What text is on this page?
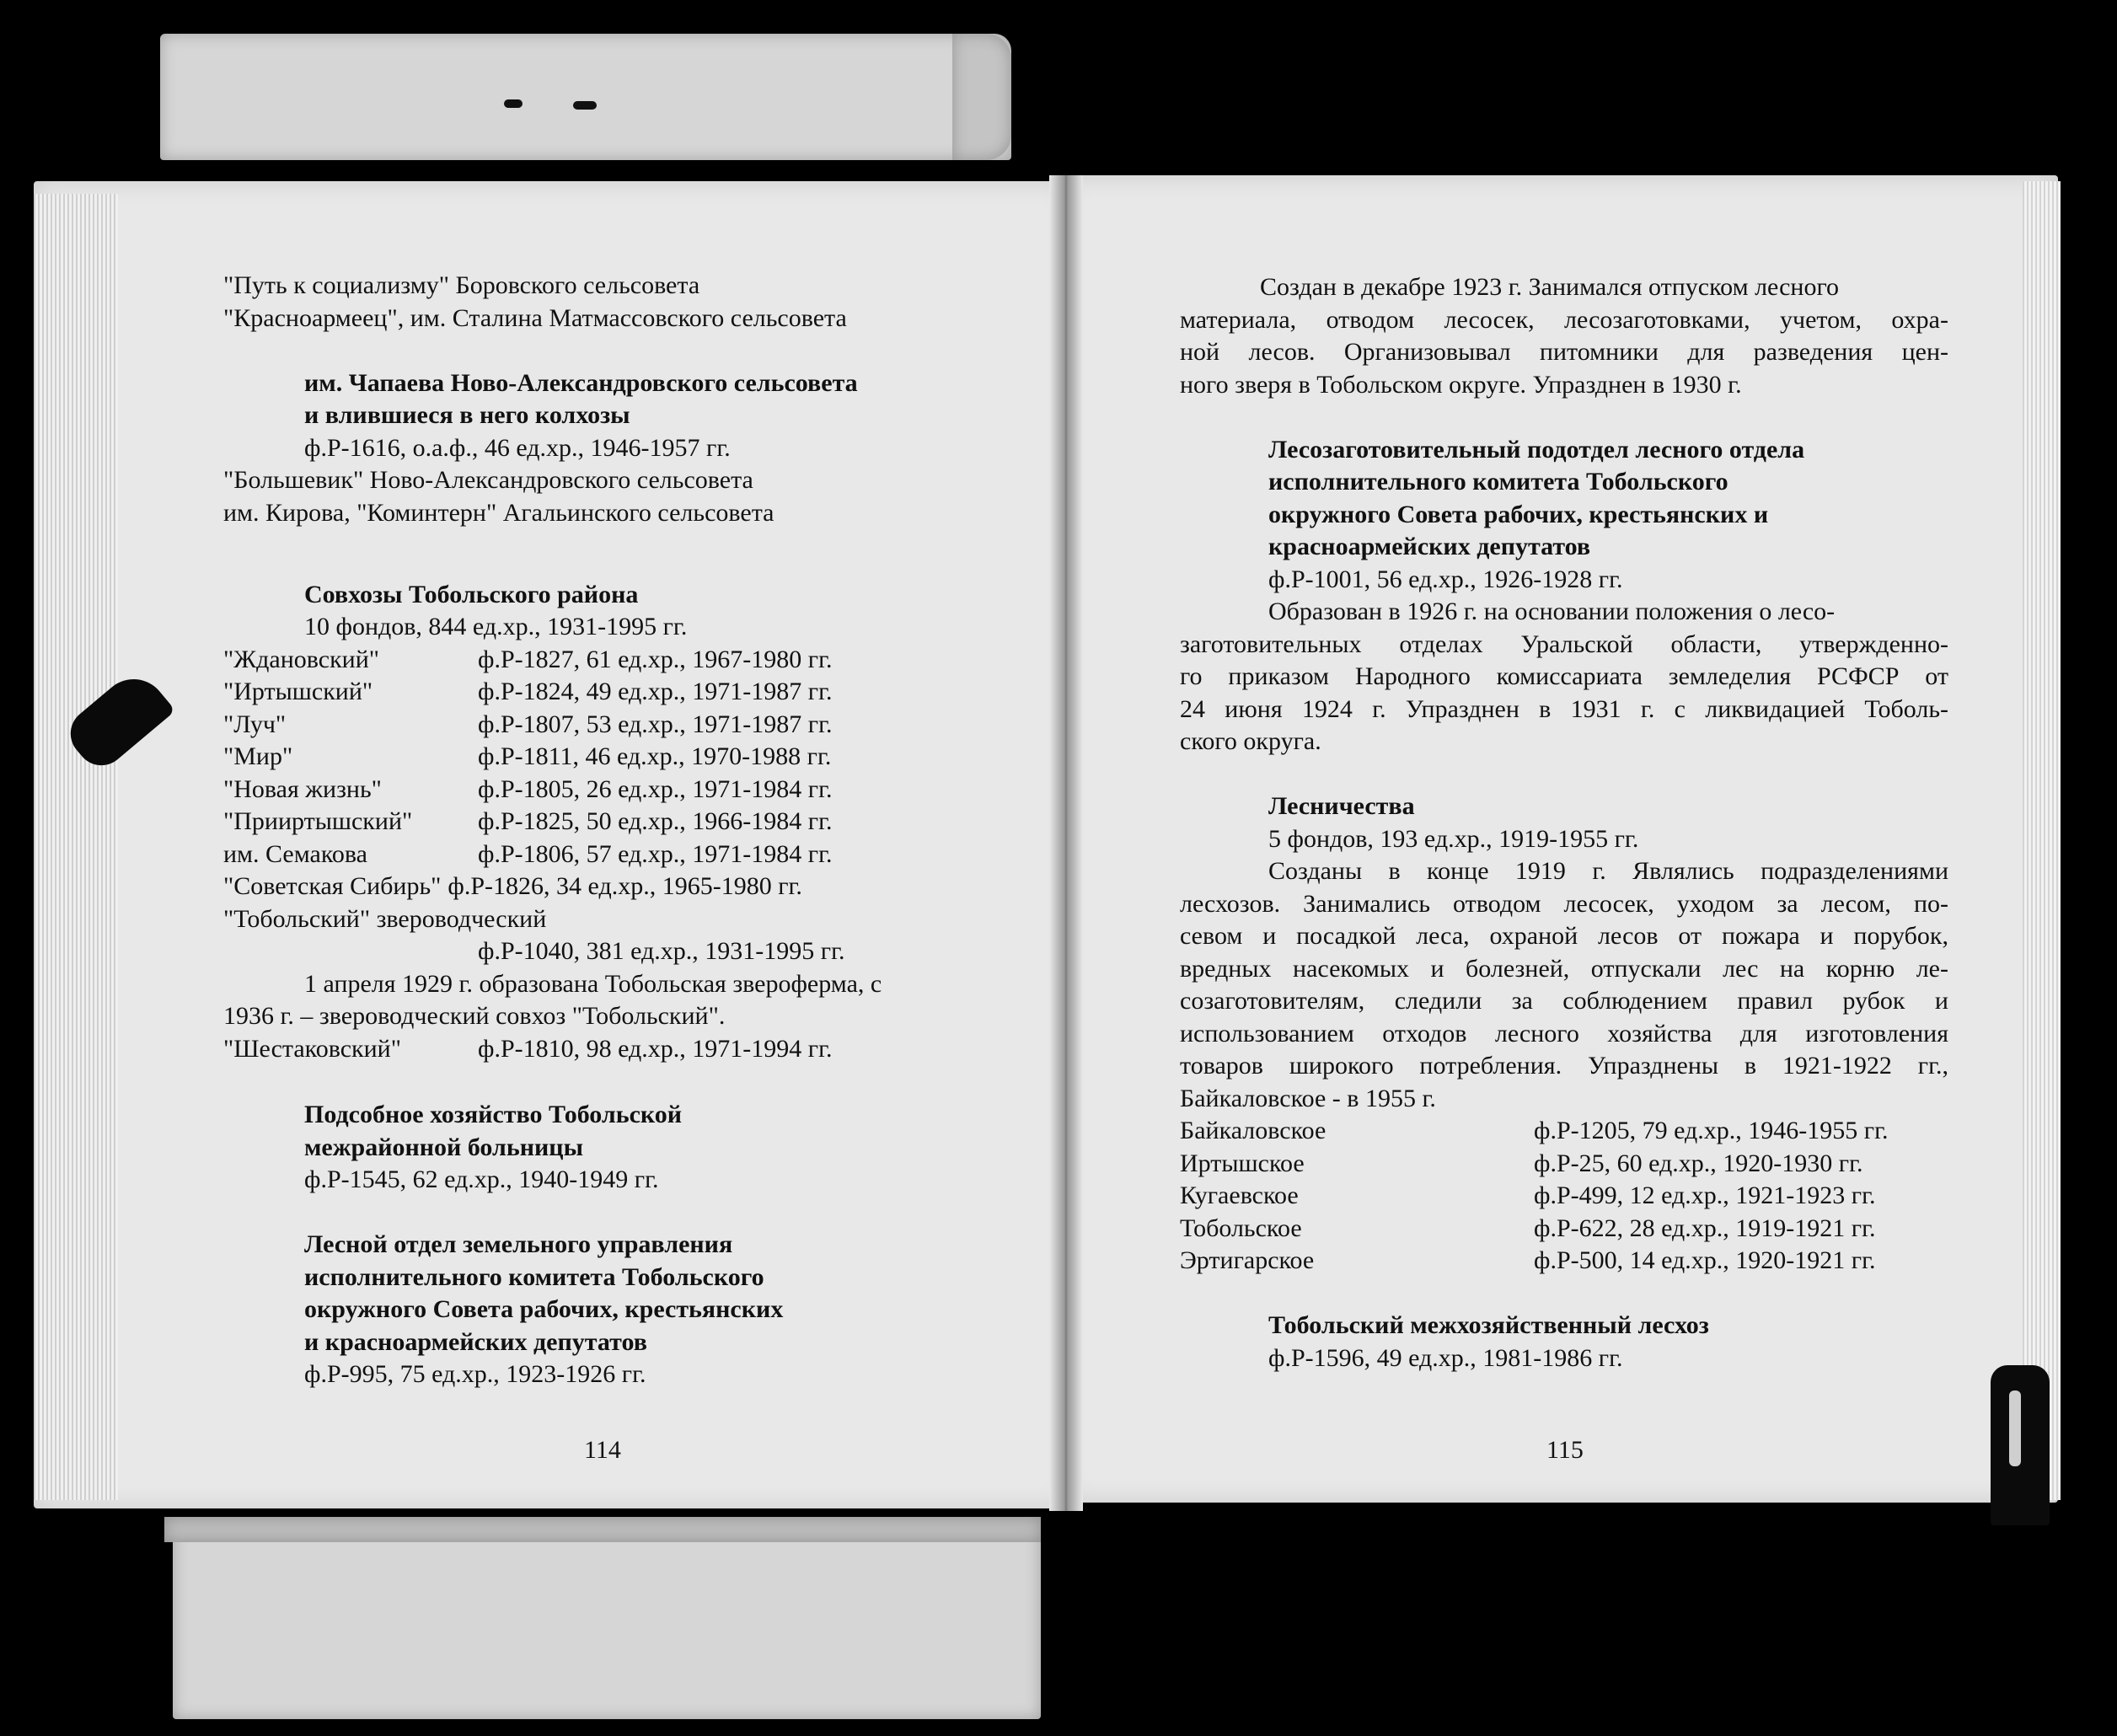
"Путь к социализму" Боровского сельсовета
"Красноармеец", им. Сталина Матмассовского сельсовета
им. Чапаева Ново-Александровского сельсовета
и влившиеся в него колхозы
ф.Р-1616, о.а.ф., 46 ед.хр., 1946-1957 гг.
"Большевик" Ново-Александровского сельсовета
им. Кирова, "Коминтерн" Агальинского сельсовета
Совхозы Тобольского района
10 фондов, 844 ед.хр., 1931-1995 гг.
"Ждановский"	ф.Р-1827, 61 ед.хр., 1967-1980 гг.
"Иртышский"	ф.Р-1824, 49 ед.хр., 1971-1987 гг.
"Луч"	ф.Р-1807, 53 ед.хр., 1971-1987 гг.
"Мир"	ф.Р-1811, 46 ед.хр., 1970-1988 гг.
"Новая жизнь"	ф.Р-1805, 26 ед.хр., 1971-1984 гг.
"Прииртышский"	ф.Р-1825, 50 ед.хр., 1966-1984 гг.
им. Семакова	ф.Р-1806, 57 ед.хр., 1971-1984 гг.
"Советская Сибирь" ф.Р-1826, 34 ед.хр., 1965-1980 гг.
"Тобольский" звероводческий
ф.Р-1040, 381 ед.хр., 1931-1995 гг.
1 апреля 1929 г. образована Тобольская звероферма, с
1936 г. – звероводческий совхоз "Тобольский".
"Шестаковский"	ф.Р-1810, 98 ед.хр., 1971-1994 гг.
Подсобное хозяйство Тобольской
межрайонной больницы
ф.Р-1545, 62 ед.хр., 1940-1949 гг.
Лесной отдел земельного управления
исполнительного комитета Тобольского
окружного Совета рабочих, крестьянских
и красноармейских депутатов
ф.Р-995, 75 ед.хр., 1923-1926 гг.
114
Создан в декабре 1923 г. Занимался отпуском лесного
материала, отводом лесосек, лесозаготовками, учетом, охра-
ной лесов. Организовывал питомники для разведения цен-
ного зверя в Тобольском округе. Упразднен в 1930 г.
Лесозаготовительный подотдел лесного отдела
исполнительного комитета Тобольского
окружного Совета рабочих, крестьянских и
красноармейских депутатов
ф.Р-1001, 56 ед.хр., 1926-1928 гг.
Образован в 1926 г. на основании положения о лесо-
заготовительных отделах Уральской области, утвержденно-
го приказом Народного комиссариата земледелия РСФСР от
24 июня 1924 г. Упразднен в 1931 г. с ликвидацией Тоболь-
ского округа.
Лесничества
5 фондов, 193 ед.хр., 1919-1955 гг.
Созданы в конце 1919 г. Являлись подразделениями
лесхозов. Занимались отводом лесосек, уходом за лесом, по-
севом и посадкой леса, охраной лесов от пожара и порубок,
вредных насекомых и болезней, отпускали лес на корню ле-
созаготовителям, следили за соблюдением правил рубок и
использованием отходов лесного хозяйства для изготовления
товаров широкого потребления. Упразднены в 1921-1922 гг.,
Байкаловское - в 1955 г.
Байкаловское	ф.Р-1205, 79 ед.хр., 1946-1955 гг.
Иртышское	ф.Р-25, 60 ед.хр., 1920-1930 гг.
Кугаевское	ф.Р-499, 12 ед.хр., 1921-1923 гг.
Тобольское	ф.Р-622, 28 ед.хр., 1919-1921 гг.
Эртигарское	ф.Р-500, 14 ед.хр., 1920-1921 гг.
Тобольский межхозяйственный лесхоз
ф.Р-1596, 49 ед.хр., 1981-1986 гг.
115
